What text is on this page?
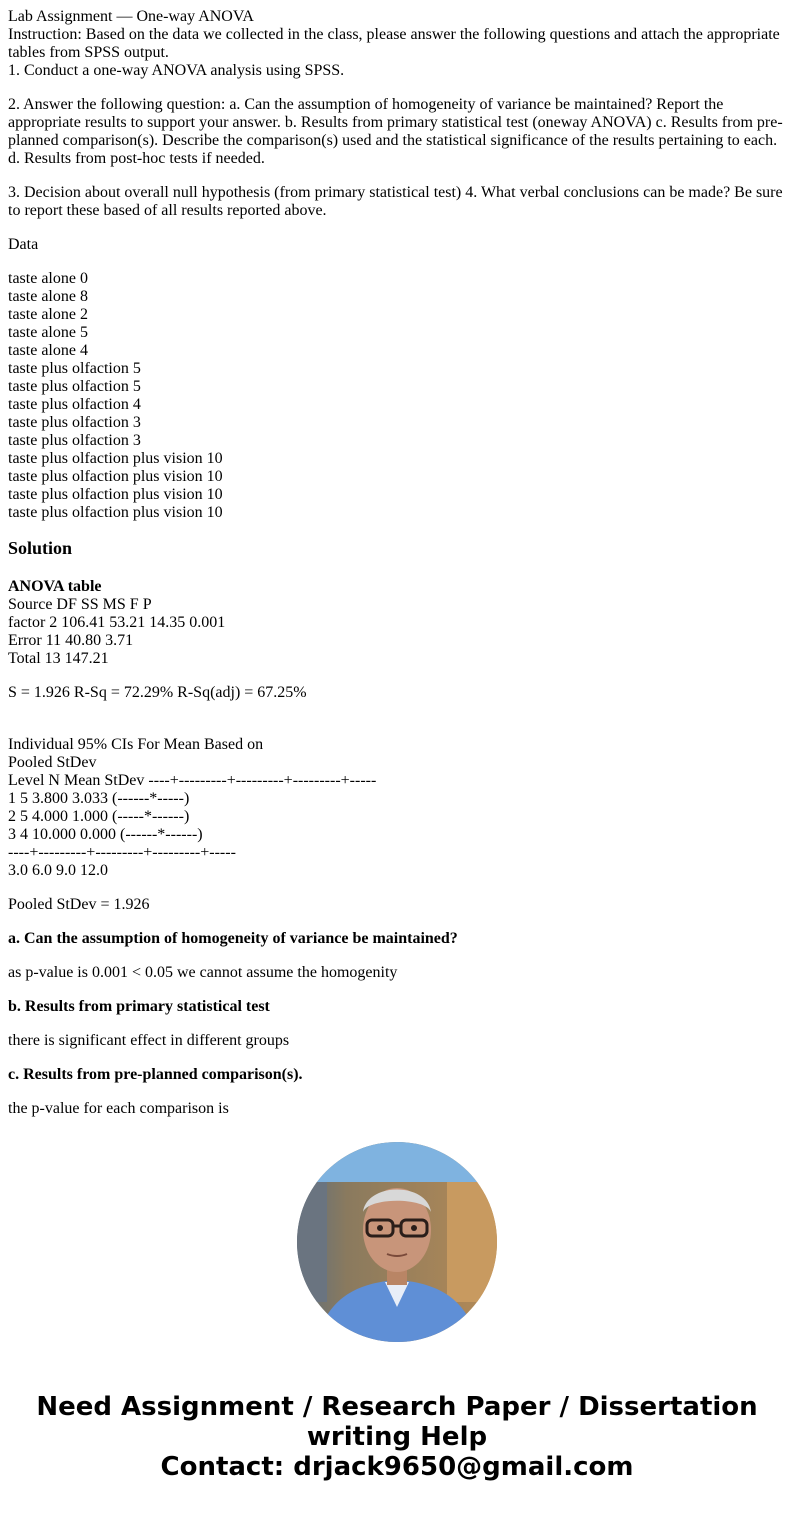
Lab Assignment — One-way ANOVA
Instruction: Based on the data we collected in the class, please answer the following questions and attach the appropriate tables from SPSS output.
1. Conduct a one-way ANOVA analysis using SPSS.
2. Answer the following question: a. Can the assumption of homogeneity of variance be maintained? Report the appropriate results to support your answer. b. Results from primary statistical test (oneway ANOVA) c. Results from pre-planned comparison(s). Describe the comparison(s) used and the statistical significance of the results pertaining to each. d. Results from post-hoc tests if needed.
3. Decision about overall null hypothesis (from primary statistical test) 4. What verbal conclusions can be made? Be sure to report these based of all results reported above.
Data
taste alone 0
taste alone 8
taste alone 2
taste alone 5
taste alone 4
taste plus olfaction 5
taste plus olfaction 5
taste plus olfaction 4
taste plus olfaction 3
taste plus olfaction 3
taste plus olfaction plus vision 10
taste plus olfaction plus vision 10
taste plus olfaction plus vision 10
taste plus olfaction plus vision 10
Solution
ANOVA table
Source DF SS MS F P
factor 2 106.41 53.21 14.35 0.001
Error 11 40.80 3.71
Total 13 147.21
S = 1.926 R-Sq = 72.29% R-Sq(adj) = 67.25%
Individual 95% CIs For Mean Based on
Pooled StDev
Level N Mean StDev ----+---------+---------+---------+-----
1 5 3.800 3.033 (------*-----)
2 5 4.000 1.000 (-----*------)
3 4 10.000 0.000 (------*------)
----+---------+---------+---------+-----
3.0 6.0 9.0 12.0
Pooled StDev = 1.926
a. Can the assumption of homogeneity of variance be maintained?
as p-value is 0.001 < 0.05 we cannot assume the homogenity
b. Results from primary statistical test
there is significant effect in different groups
c. Results from pre-planned comparison(s).
the p-value for each comparison is
Need Assignment / Research Paper / Dissertation
writing Help
Contact: drjack9650@gmail.com
